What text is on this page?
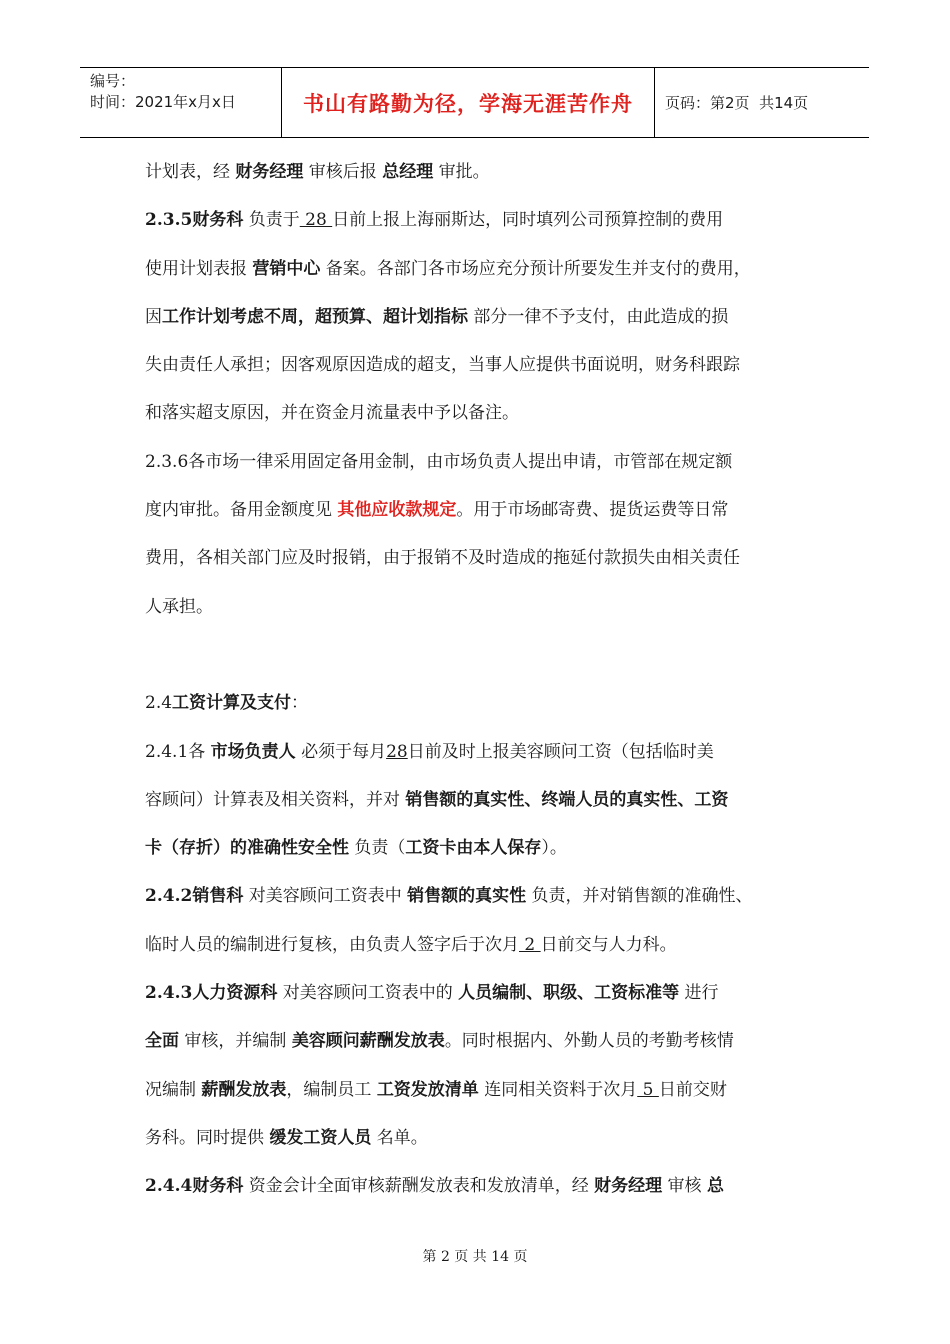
编号：
时间：2021年x月x日	书山有路勤为径，学海无涯苦作舟	页码：第2页  共14页
计划表，经 财务经理 审核后报 总经理 审批。
2.3.5财务科 负责于 28 日前上报上海丽斯达，同时填列公司预算控制的费用
使用计划表报 营销中心 备案。各部门各市场应充分预计所要发生并支付的费用，
因工作计划考虑不周，超预算、超计划指标 部分一律不予支付，由此造成的损
失由责任人承担；因客观原因造成的超支，当事人应提供书面说明，财务科跟踪
和落实超支原因，并在资金月流量表中予以备注。
2.3.6各市场一律采用固定备用金制，由市场负责人提出申请，市管部在规定额
度内审批。备用金额度见 其他应收款规定。用于市场邮寄费、提货运费等日常
费用，各相关部门应及时报销，由于报销不及时造成的拖延付款损失由相关责任
人承担。
2.4工资计算及支付：
2.4.1各 市场负责人 必须于每月28日前及时上报美容顾问工资（包括临时美
容顾问）计算表及相关资料，并对 销售额的真实性、终端人员的真实性、工资
卡（存折）的准确性安全性 负责（工资卡由本人保存）。
2.4.2销售科 对美容顾问工资表中 销售额的真实性 负责，并对销售额的准确性、
临时人员的编制进行复核，由负责人签字后于次月 2 日前交与人力科。
2.4.3人力资源科 对美容顾问工资表中的 人员编制、职级、工资标准等 进行
全面 审核，并编制 美容顾问薪酬发放表。同时根据内、外勤人员的考勤考核情
况编制 薪酬发放表，编制员工 工资发放清单 连同相关资料于次月 5 日前交财
务科。同时提供 缓发工资人员 名单。
2.4.4财务科 资金会计全面审核薪酬发放表和发放清单，经 财务经理 审核 总
第 2 页 共 14 页
